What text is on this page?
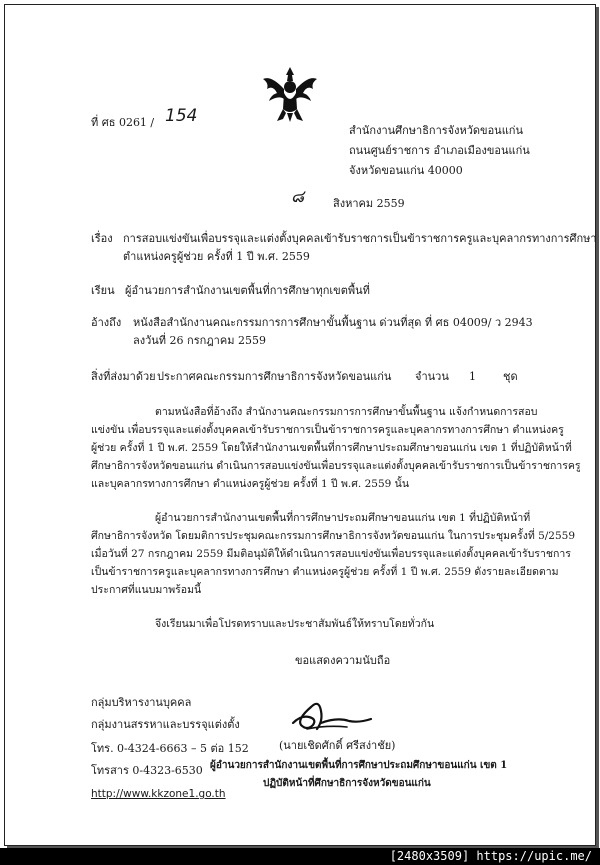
ที่ ศธ 0261 / 154
สำนักงานศึกษาธิการจังหวัดขอนแก่น
ถนนศูนย์ราชการ อำเภอเมืองขอนแก่น
จังหวัดขอนแก่น 40000
๘	สิงหาคม 2559
เรื่อง การสอบแข่งขันเพื่อบรรจุและแต่งตั้งบุคคลเข้ารับราชการเป็นข้าราชการครูและบุคลากรทางการศึกษา
ตำแหน่งครูผู้ช่วย ครั้งที่ 1 ปี พ.ศ. 2559
เรียน ผู้อำนวยการสำนักงานเขตพื้นที่การศึกษาทุกเขตพื้นที่
อ้างถึง หนังสือสำนักงานคณะกรรมการการศึกษาขั้นพื้นฐาน ด่วนที่สุด ที่ ศธ 04009/ ว 2943
ลงวันที่ 26 กรกฎาคม 2559
สิ่งที่ส่งมาด้วย ประกาศคณะกรรมการศึกษาธิการจังหวัดขอนแก่น จำนวน 1 ชุด
ตามหนังสือที่อ้างถึง สำนักงานคณะกรรมการการศึกษาขั้นพื้นฐาน แจ้งกำหนดการสอบ
แข่งขัน เพื่อบรรจุและแต่งตั้งบุคคลเข้ารับราชการเป็นข้าราชการครูและบุคลากรทางการศึกษา ตำแหน่งครู
ผู้ช่วย ครั้งที่ 1 ปี พ.ศ. 2559 โดยให้สำนักงานเขตพื้นที่การศึกษาประถมศึกษาขอนแก่น เขต 1 ที่ปฏิบัติหน้าที่
ศึกษาธิการจังหวัดขอนแก่น ดำเนินการสอบแข่งขันเพื่อบรรจุและแต่งตั้งบุคคลเข้ารับราชการเป็นข้าราชการครู
และบุคลากรทางการศึกษา ตำแหน่งครูผู้ช่วย ครั้งที่ 1 ปี พ.ศ. 2559 นั้น
ผู้อำนวยการสำนักงานเขตพื้นที่การศึกษาประถมศึกษาขอนแก่น เขต 1 ที่ปฏิบัติหน้าที่
ศึกษาธิการจังหวัด โดยมติการประชุมคณะกรรมการศึกษาธิการจังหวัดขอนแก่น ในการประชุมครั้งที่ 5/2559
เมื่อวันที่ 27 กรกฎาคม 2559 มีมติอนุมัติให้ดำเนินการสอบแข่งขันเพื่อบรรจุและแต่งตั้งบุคคลเข้ารับราชการ
เป็นข้าราชการครูและบุคลากรทางการศึกษา ตำแหน่งครูผู้ช่วย ครั้งที่ 1 ปี พ.ศ. 2559 ดังรายละเอียดตาม
ประกาศที่แนบมาพร้อมนี้
จึงเรียนมาเพื่อโปรดทราบและประชาสัมพันธ์ให้ทราบโดยทั่วกัน
ขอแสดงความนับถือ
(นายเชิดศักดิ์ ศรีสง่าชัย)
ผู้อำนวยการสำนักงานเขตพื้นที่การศึกษาประถมศึกษาขอนแก่น เขต 1
ปฏิบัติหน้าที่ศึกษาธิการจังหวัดขอนแก่น
กลุ่มบริหารงานบุคคล
กลุ่มงานสรรหาและบรรจุแต่งตั้ง
โทร. 0-4324-6663 – 5 ต่อ 152
โทรสาร 0-4323-6530
http://www.kkzone1.go.th
[2480x3509] https://upic.me/
